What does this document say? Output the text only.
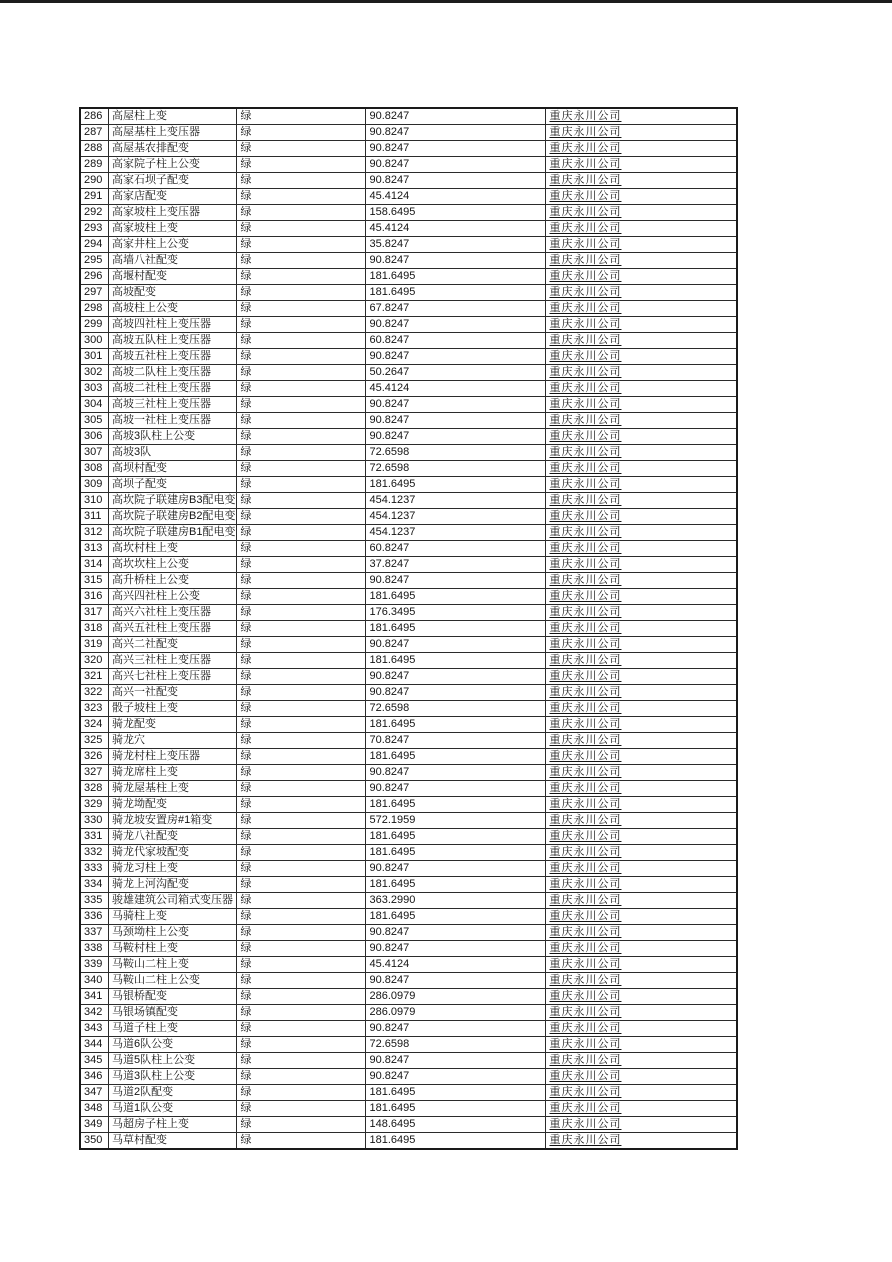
286	高屋柱上变	绿	90.8247	重庆永川公司
287	高屋基柱上变压器	绿	90.8247	重庆永川公司
288	高屋基农排配变	绿	90.8247	重庆永川公司
289	高家院子柱上公变	绿	90.8247	重庆永川公司
290	高家石坝子配变	绿	90.8247	重庆永川公司
291	高家店配变	绿	45.4124	重庆永川公司
292	高家坡柱上变压器	绿	158.6495	重庆永川公司
293	高家坡柱上变	绿	45.4124	重庆永川公司
294	高家井柱上公变	绿	35.8247	重庆永川公司
295	高墙八社配变	绿	90.8247	重庆永川公司
296	高堰村配变	绿	181.6495	重庆永川公司
297	高坡配变	绿	181.6495	重庆永川公司
298	高坡柱上公变	绿	67.8247	重庆永川公司
299	高坡四社柱上变压器	绿	90.8247	重庆永川公司
300	高坡五队柱上变压器	绿	60.8247	重庆永川公司
301	高坡五社柱上变压器	绿	90.8247	重庆永川公司
302	高坡二队柱上变压器	绿	50.2647	重庆永川公司
303	高坡二社柱上变压器	绿	45.4124	重庆永川公司
304	高坡三社柱上变压器	绿	90.8247	重庆永川公司
305	高坡一社柱上变压器	绿	90.8247	重庆永川公司
306	高坡3队柱上公变	绿	90.8247	重庆永川公司
307	高坡3队	绿	72.6598	重庆永川公司
308	高坝村配变	绿	72.6598	重庆永川公司
309	高坝子配变	绿	181.6495	重庆永川公司
310	高坎院子联建房B3配电变	绿	454.1237	重庆永川公司
311	高坎院子联建房B2配电变	绿	454.1237	重庆永川公司
312	高坎院子联建房B1配电变	绿	454.1237	重庆永川公司
313	高坎村柱上变	绿	60.8247	重庆永川公司
314	高坎坎柱上公变	绿	37.8247	重庆永川公司
315	高升桥柱上公变	绿	90.8247	重庆永川公司
316	高兴四社柱上公变	绿	181.6495	重庆永川公司
317	高兴六社柱上变压器	绿	176.3495	重庆永川公司
318	高兴五社柱上变压器	绿	181.6495	重庆永川公司
319	高兴二社配变	绿	90.8247	重庆永川公司
320	高兴三社柱上变压器	绿	181.6495	重庆永川公司
321	高兴七社柱上变压器	绿	90.8247	重庆永川公司
322	高兴一社配变	绿	90.8247	重庆永川公司
323	骰子坡柱上变	绿	72.6598	重庆永川公司
324	骑龙配变	绿	181.6495	重庆永川公司
325	骑龙穴	绿	70.8247	重庆永川公司
326	骑龙村柱上变压器	绿	181.6495	重庆永川公司
327	骑龙席柱上变	绿	90.8247	重庆永川公司
328	骑龙屋基柱上变	绿	90.8247	重庆永川公司
329	骑龙坳配变	绿	181.6495	重庆永川公司
330	骑龙坡安置房#1箱变	绿	572.1959	重庆永川公司
331	骑龙八社配变	绿	181.6495	重庆永川公司
332	骑龙代家坡配变	绿	181.6495	重庆永川公司
333	骑龙习柱上变	绿	90.8247	重庆永川公司
334	骑龙上河沟配变	绿	181.6495	重庆永川公司
335	骏雄建筑公司箱式变压器	绿	363.2990	重庆永川公司
336	马骑柱上变	绿	181.6495	重庆永川公司
337	马颈坳柱上公变	绿	90.8247	重庆永川公司
338	马鞍村柱上变	绿	90.8247	重庆永川公司
339	马鞍山二柱上变	绿	45.4124	重庆永川公司
340	马鞍山二柱上公变	绿	90.8247	重庆永川公司
341	马银桥配变	绿	286.0979	重庆永川公司
342	马银场镇配变	绿	286.0979	重庆永川公司
343	马道子柱上变	绿	90.8247	重庆永川公司
344	马道6队公变	绿	72.6598	重庆永川公司
345	马道5队柱上公变	绿	90.8247	重庆永川公司
346	马道3队柱上公变	绿	90.8247	重庆永川公司
347	马道2队配变	绿	181.6495	重庆永川公司
348	马道1队公变	绿	181.6495	重庆永川公司
349	马超房子柱上变	绿	148.6495	重庆永川公司
350	马草村配变	绿	181.6495	重庆永川公司
